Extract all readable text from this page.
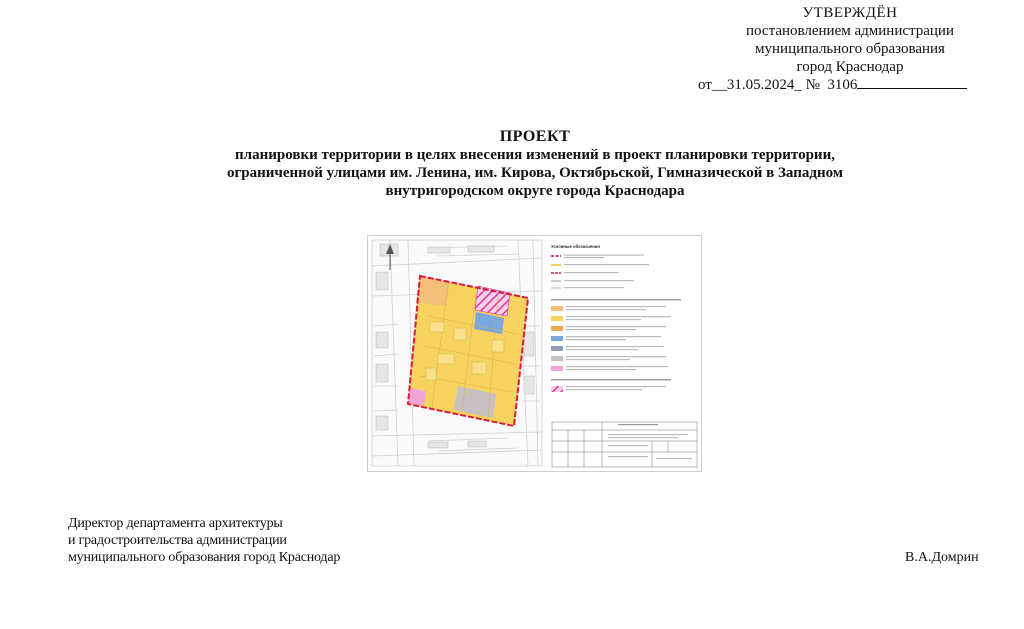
УТВЕРЖДЁН
постановлением администрации
муниципального образования
город Краснодар
от__31.05.2024_ № 3106
ПРОЕКТ
планировки территории в целях внесения изменений в проект планировки территории,
ограниченной улицами им. Ленина, им. Кирова, Октябрьской, Гимназической в Западном
внутригородском округе города Краснодара
Условные обозначения
Директор департамента архитектуры
и градостроительства администрации
муниципального образования город Краснодар	В.А.Домрин
